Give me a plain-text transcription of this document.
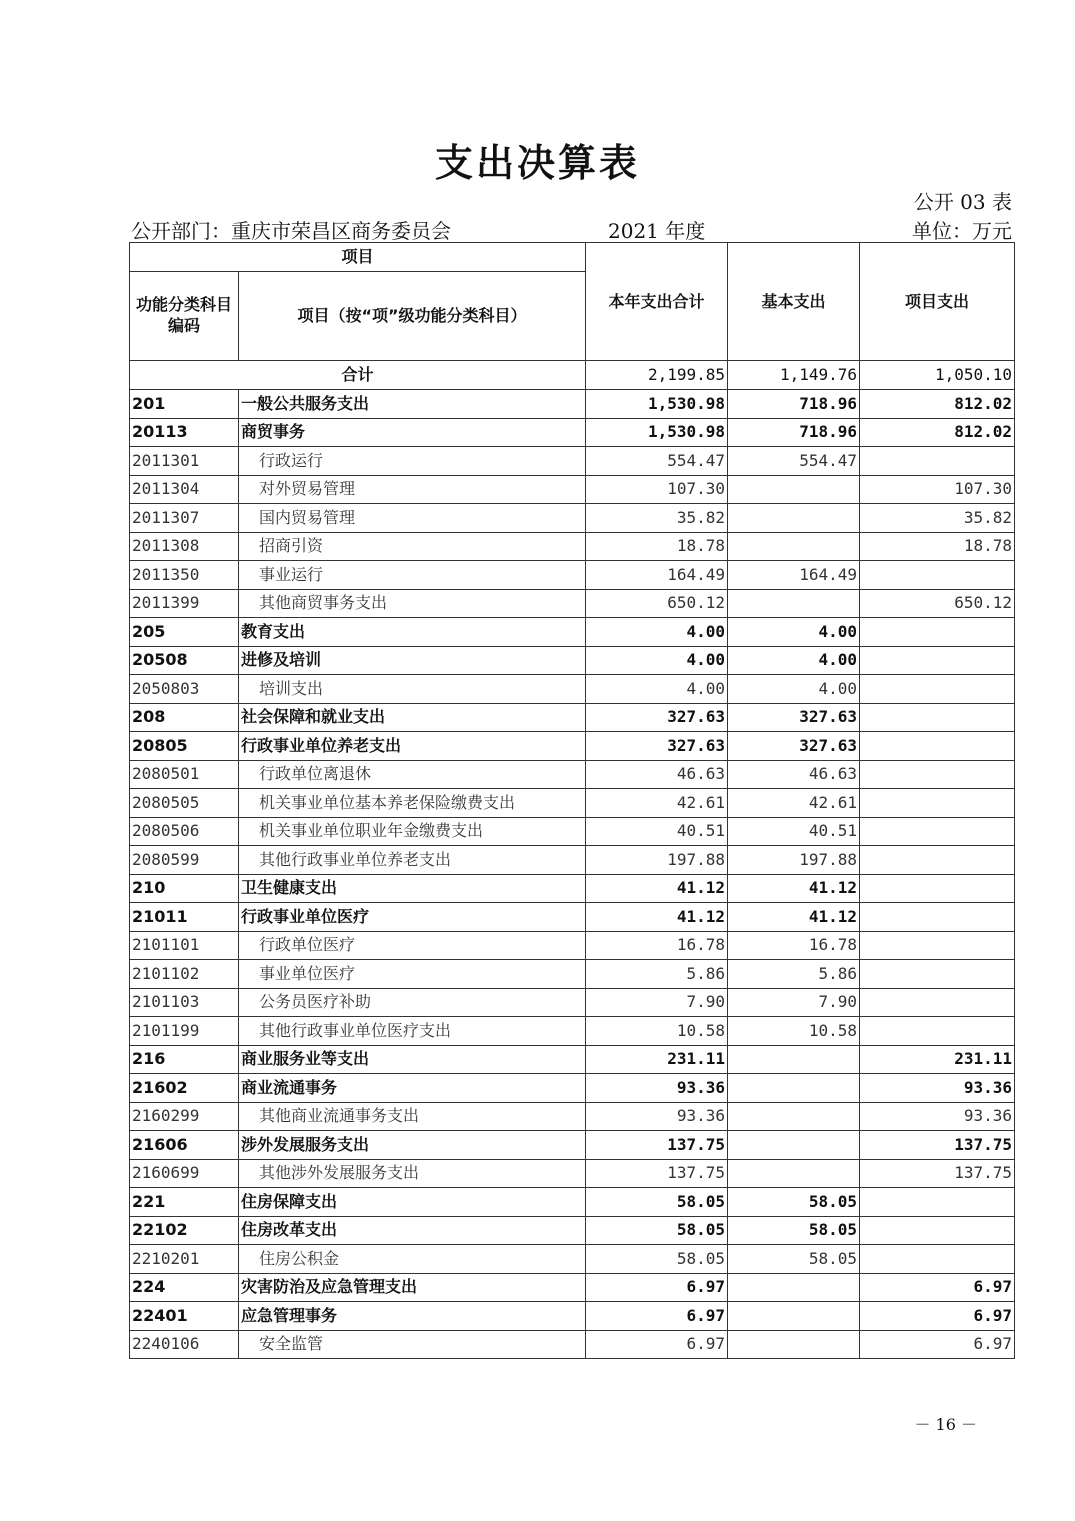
支出决算表
公开 03 表
公开部门：重庆市荣昌区商务委员会	2021 年度	单位：万元
项目		本年支出合计	基本支出	项目支出
功能分类科目编码	项目（按“项”级功能分类科目）			
合计		2,199.85	1,149.76	1,050.10
201	一般公共服务支出	1,530.98	718.96	812.02
20113	商贸事务	1,530.98	718.96	812.02
2011301	行政运行	554.47	554.47	
2011304	对外贸易管理	107.30		107.30
2011307	国内贸易管理	35.82		35.82
2011308	招商引资	18.78		18.78
2011350	事业运行	164.49	164.49	
2011399	其他商贸事务支出	650.12		650.12
205	教育支出	4.00	4.00	
20508	进修及培训	4.00	4.00	
2050803	培训支出	4.00	4.00	
208	社会保障和就业支出	327.63	327.63	
20805	行政事业单位养老支出	327.63	327.63	
2080501	行政单位离退休	46.63	46.63	
2080505	机关事业单位基本养老保险缴费支出	42.61	42.61	
2080506	机关事业单位职业年金缴费支出	40.51	40.51	
2080599	其他行政事业单位养老支出	197.88	197.88	
210	卫生健康支出	41.12	41.12	
21011	行政事业单位医疗	41.12	41.12	
2101101	行政单位医疗	16.78	16.78	
2101102	事业单位医疗	5.86	5.86	
2101103	公务员医疗补助	7.90	7.90	
2101199	其他行政事业单位医疗支出	10.58	10.58	
216	商业服务业等支出	231.11		231.11
21602	商业流通事务	93.36		93.36
2160299	其他商业流通事务支出	93.36		93.36
21606	涉外发展服务支出	137.75		137.75
2160699	其他涉外发展服务支出	137.75		137.75
221	住房保障支出	58.05	58.05	
22102	住房改革支出	58.05	58.05	
2210201	住房公积金	58.05	58.05	
224	灾害防治及应急管理支出	6.97		6.97
22401	应急管理事务	6.97		6.97
2240106	安全监管	6.97		6.97
－ 16 －
